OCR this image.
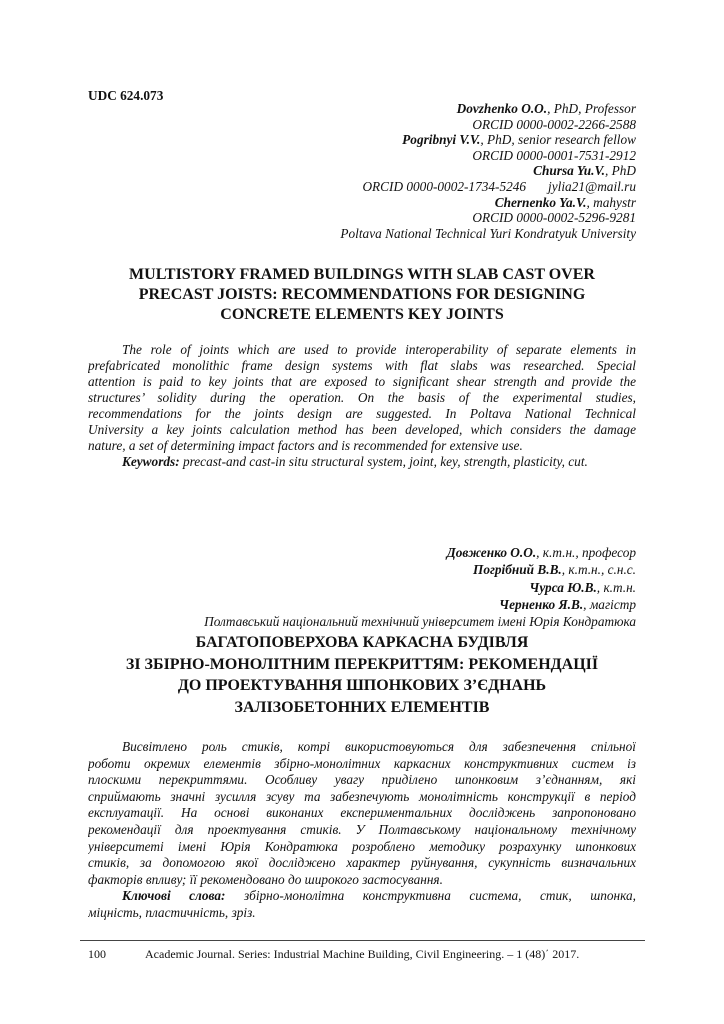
UDC 624.073
Dovzhenko O.O., PhD, Professor
ORCID 0000-0002-2266-2588
Pogribnyi V.V., PhD, senior research fellow
ORCID 0000-0001-7531-2912
Chursa Yu.V., PhD
ORCID 0000-0002-1734-5246 jylia21@mail.ru
Chernenko Ya.V., mahystr
ORCID 0000-0002-5296-9281
Poltava National Technical Yuri Kondratyuk University
MULTISTORY FRAMED BUILDINGS WITH SLAB CAST OVER
PRECAST JOISTS: RECOMMENDATIONS FOR DESIGNING
CONCRETE ELEMENTS KEY JOINTS
The role of joints which are used to provide interoperability of separate elements in
prefabricated monolithic frame design systems with flat slabs was researched. Special
attention is paid to key joints that are exposed to significant shear strength and provide the
structures’ solidity during the operation. On the basis of the experimental studies,
recommendations for the joints design are suggested. In Poltava National Technical
University a key joints calculation method has been developed, which considers the damage
nature, a set of determining impact factors and is recommended for extensive use.
Keywords: precast-and cast-in situ structural system, joint, key, strength, plasticity, cut.
Довженко О.О., к.т.н., професор
Погрібний В.В., к.т.н., с.н.с.
Чурса Ю.В., к.т.н.
Черненко Я.В., магістр
Полтавський національний технічний університет імені Юрія Кондратюка
БАГАТОПОВЕРХОВА КАРКАСНА БУДІВЛЯ
ЗІ ЗБІРНО-МОНОЛІТНИМ ПЕРЕКРИТТЯМ: РЕКОМЕНДАЦІЇ
ДО ПРОЕКТУВАННЯ ШПОНКОВИХ З’ЄДНАНЬ
ЗАЛІЗОБЕТОННИХ ЕЛЕМЕНТІВ
Висвітлено роль стиків, котрі використовуються для забезпечення спільної
роботи окремих елементів збірно-монолітних каркасних конструктивних систем із
плоскими перекриттями. Особливу увагу приділено шпонковим з’єднанням, які
сприймають значні зусилля зсуву та забезпечують монолітність конструкції в період
експлуатації. На основі виконаних експериментальних досліджень запропоновано
рекомендації для проектування стиків. У Полтавському національному технічному
університеті імені Юрія Кондратюка розроблено методику розрахунку шпонкових
стиків, за допомогою якої досліджено характер руйнування, сукупність визначальних
факторів впливу; її рекомендовано до широкого застосування.
Ключові слова: збірно-монолітна конструктивна система, стик, шпонка,
міцність, пластичність, зріз.
100	Academic Journal. Series: Industrial Machine Building, Civil Engineering. – 1 (48)΄ 2017.
